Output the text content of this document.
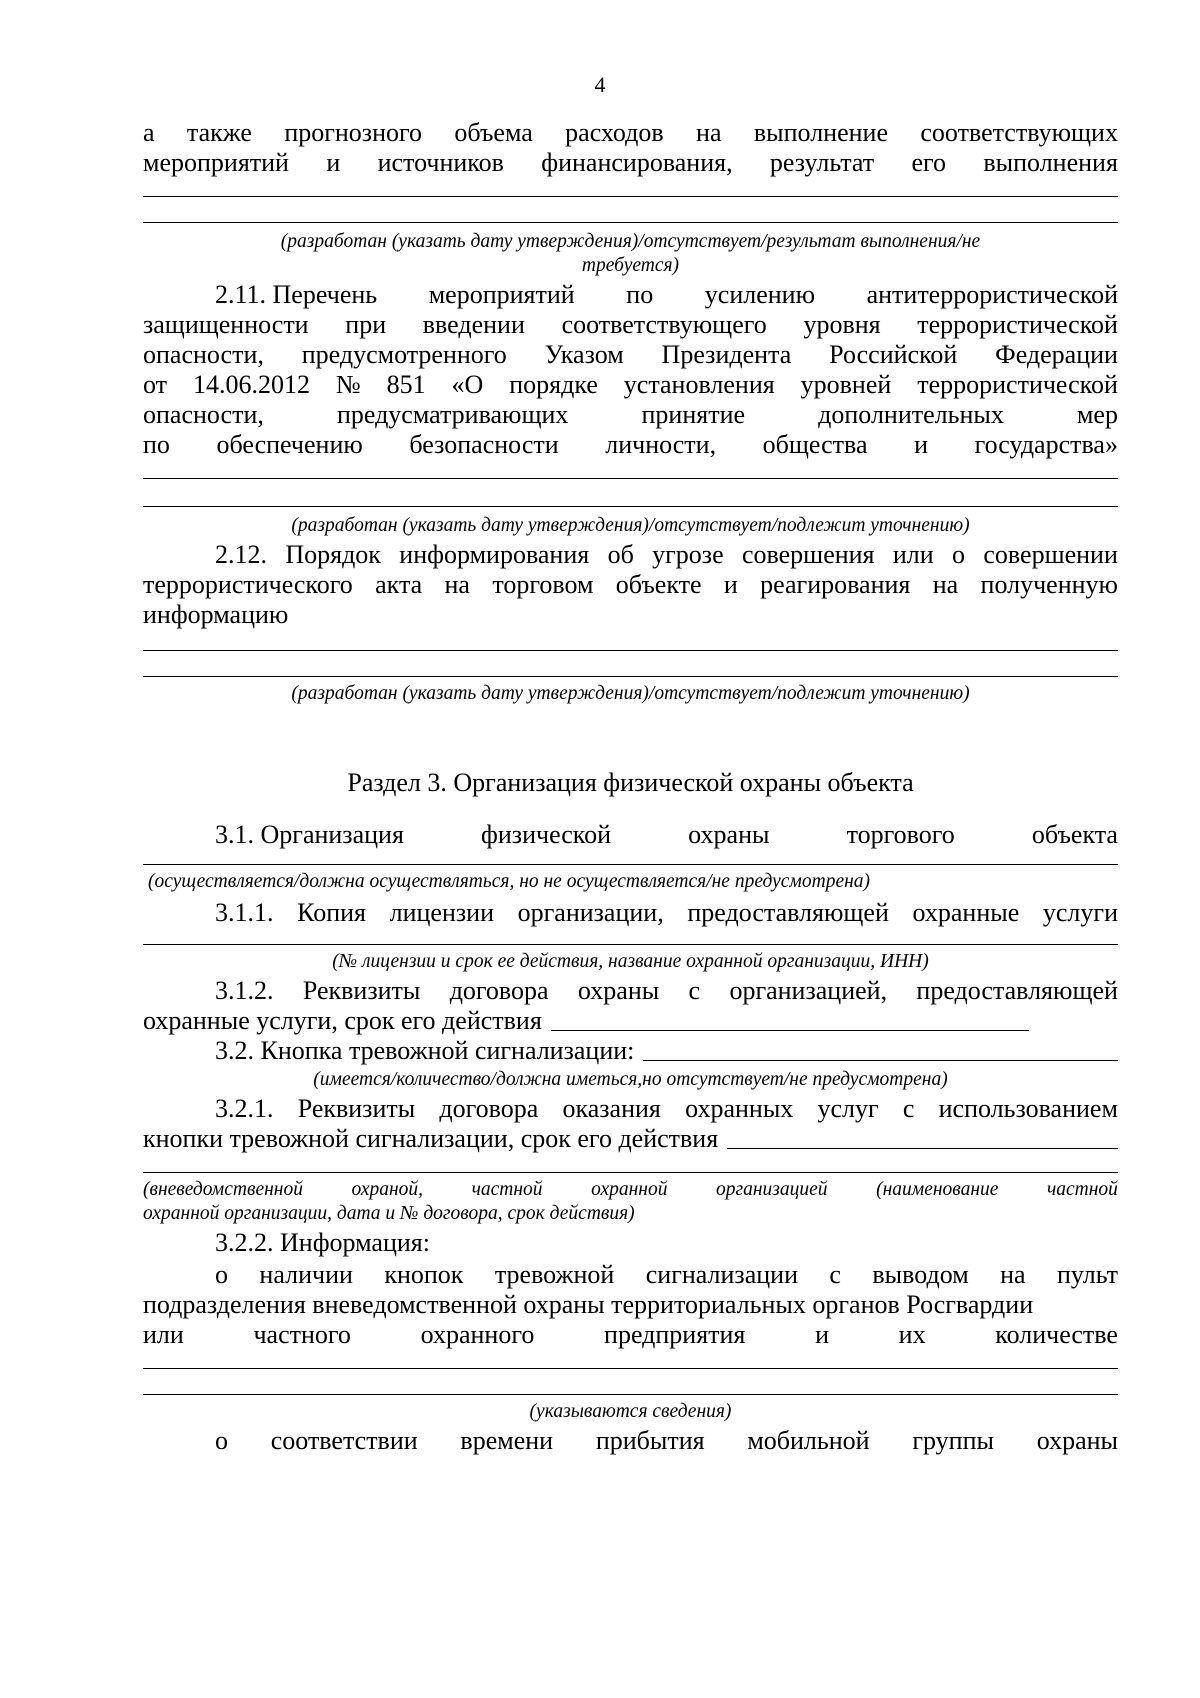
4
а также прогнозного объема расходов на выполнение соответствующих
мероприятий и источников финансирования, результат его выполнения
(разработан (указать дату утверждения)/отсутствует/результат выполнения/не
требуется)
2.11. Перечень мероприятий по усилению антитеррористической
защищенности при введении соответствующего уровня террористической
опасности, предусмотренного Указом Президента Российской Федерации
от 14.06.2012 № 851 «О порядке установления уровней террористической
опасности,	предусматривающих	принятие	дополнительных	мер
по обеспечению безопасности личности, общества и государства»
(разработан (указать дату утверждения)/отсутствует/подлежит уточнению)
2.12. Порядок информирования об угрозе совершения или о совершении
террористического акта на торговом объекте и реагирования на полученную
информацию
(разработан (указать дату утверждения)/отсутствует/подлежит уточнению)
Раздел 3. Организация физической охраны объекта
3.1. Организация	физической	охраны	торгового	объекта
(осуществляется/должна осуществляться, но не осуществляется/не предусмотрена)
3.1.1. Копия лицензии организации, предоставляющей охранные услуги
(№ лицензии и срок ее действия, название охранной организации, ИНН)
3.1.2. Реквизиты договора охраны с организацией, предоставляющей
охранные услуги, срок его действия
3.2. Кнопка тревожной сигнализации:
(имеется/количество/должна иметься,но отсутствует/не предусмотрена)
3.2.1. Реквизиты договора оказания охранных услуг с использованием
кнопки тревожной сигнализации, срок его действия
(вневедомственной охраной, частной охранной организацией (наименование частной
охранной организации, дата и № договора, срок действия)
3.2.2. Информация:
о наличии кнопок тревожной сигнализации с выводом на пульт
подразделения вневедомственной охраны территориальных органов Росгвардии
или	частного	охранного	предприятия	и	их	количестве
(указываются сведения)
о соответствии времени прибытия мобильной группы охраны
